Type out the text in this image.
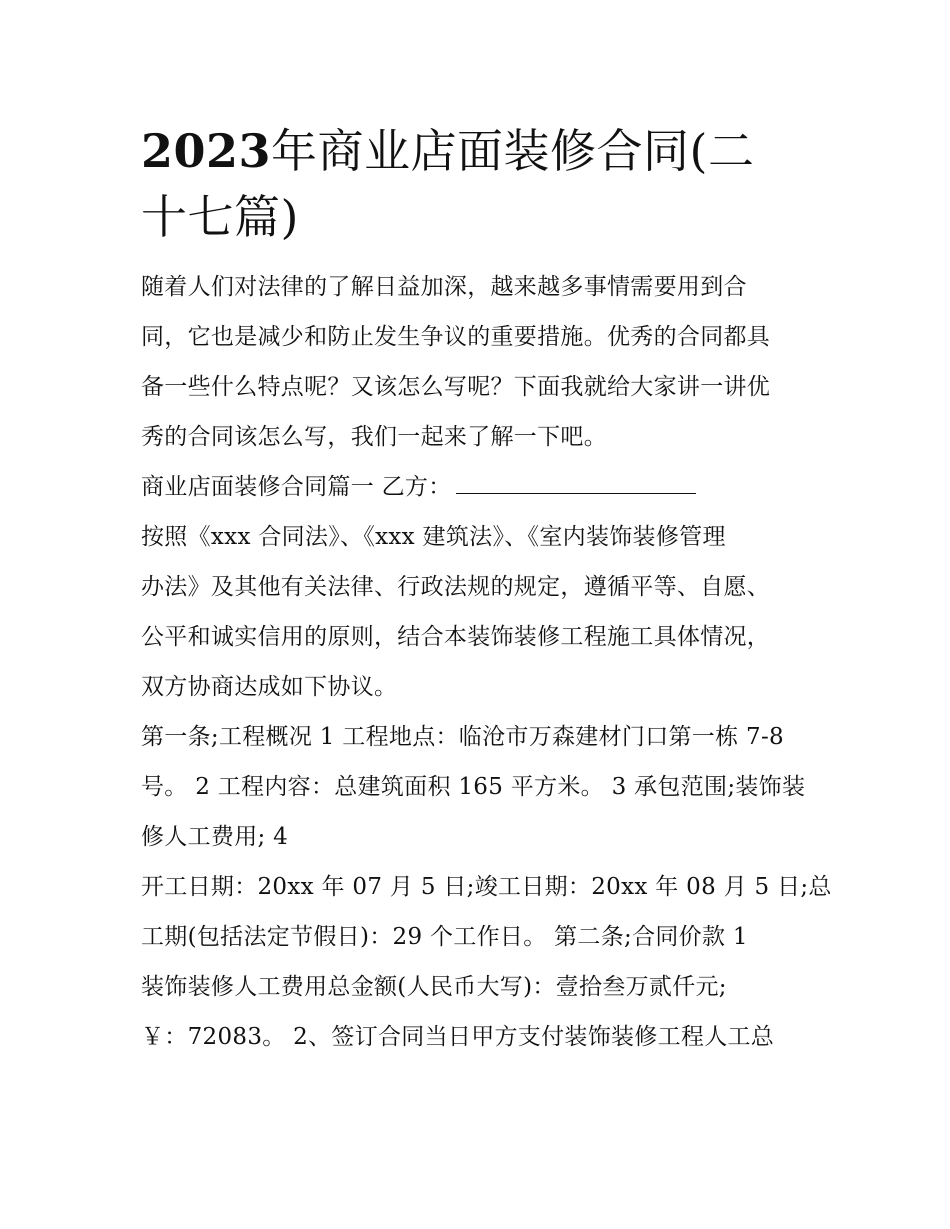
2023年商业店面装修合同(二
十七篇)
随着人们对法律的了解日益加深，越来越多事情需要用到合
同，它也是减少和防止发生争议的重要措施。优秀的合同都具
备一些什么特点呢？又该怎么写呢？下面我就给大家讲一讲优
秀的合同该怎么写，我们一起来了解一下吧。
商业店面装修合同篇一 乙方：
按照《xxx 合同法》、《xxx 建筑法》、《室内装饰装修管理
办法》及其他有关法律、行政法规的规定，遵循平等、自愿、
公平和诚实信用的原则，结合本装饰装修工程施工具体情况，
双方协商达成如下协议。
第一条;工程概况 1 工程地点：临沧市万森建材门口第一栋 7-8
号。 2 工程内容：总建筑面积 165 平方米。 3 承包范围;装饰装
修人工费用; 4
开工日期：20xx 年 07 月 5 日;竣工日期：20xx 年 08 月 5 日;总
工期(包括法定节假日)：29 个工作日。 第二条;合同价款 1
装饰装修人工费用总金额(人民币大写)：壹拾叁万贰仟元;
￥：72083。 2、签订合同当日甲方支付装饰装修工程人工总
